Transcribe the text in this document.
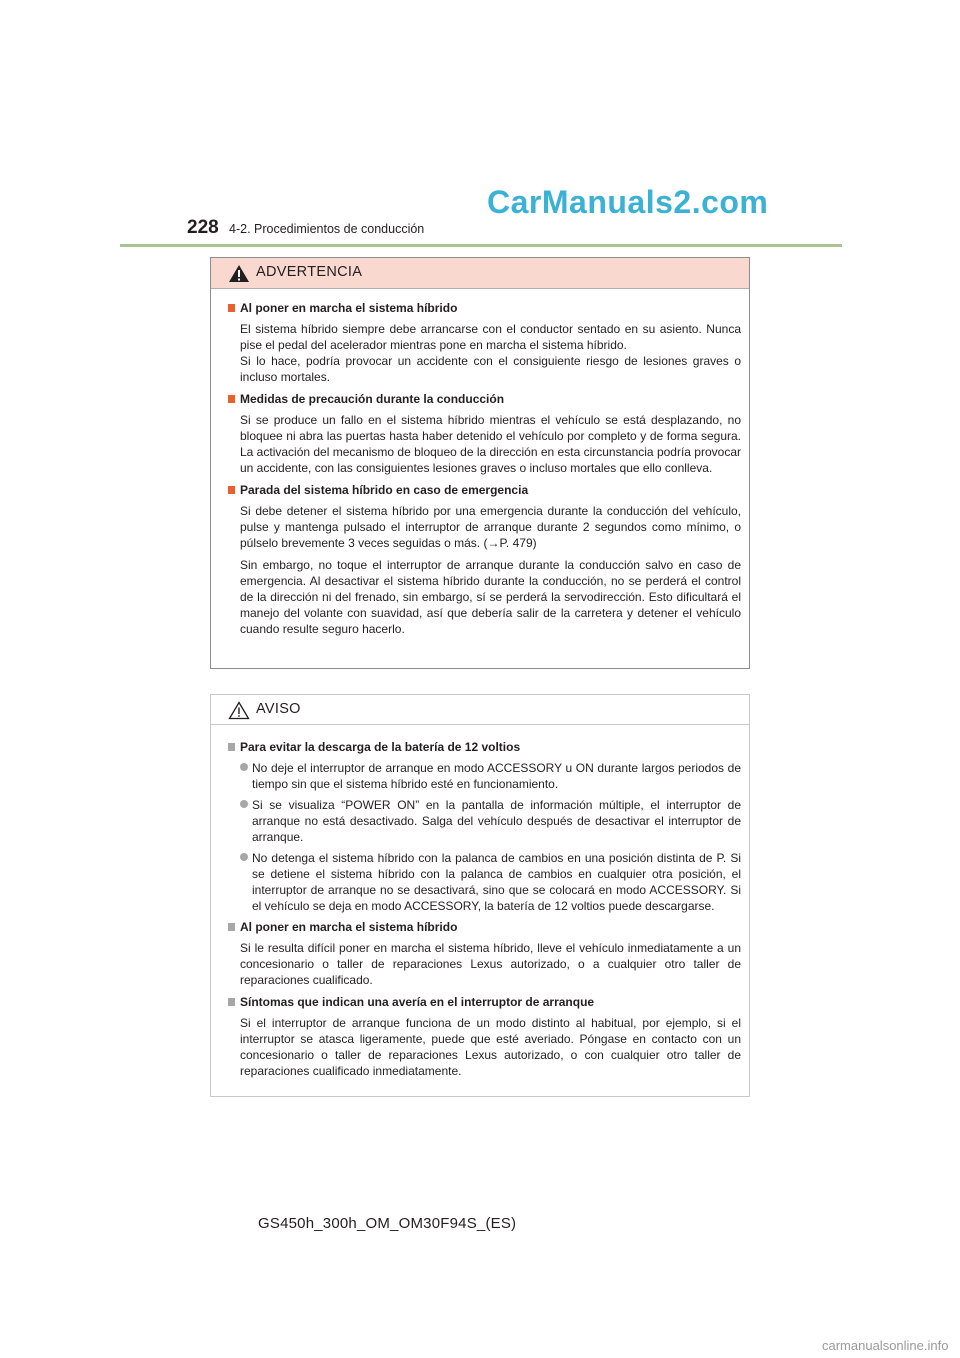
228 4-2. Procedimientos de conducción
CarManuals2.com
ADVERTENCIA
Al poner en marcha el sistema híbrido
El sistema híbrido siempre debe arrancarse con el conductor sentado en su asiento. Nunca pise el pedal del acelerador mientras pone en marcha el sistema híbrido.
Si lo hace, podría provocar un accidente con el consiguiente riesgo de lesiones graves o incluso mortales.
Medidas de precaución durante la conducción
Si se produce un fallo en el sistema híbrido mientras el vehículo se está desplazando, no bloquee ni abra las puertas hasta haber detenido el vehículo por completo y de forma segura. La activación del mecanismo de bloqueo de la dirección en esta circunstancia podría provocar un accidente, con las consiguientes lesiones graves o incluso mortales que ello conlleva.
Parada del sistema híbrido en caso de emergencia
Si debe detener el sistema híbrido por una emergencia durante la conducción del vehículo, pulse y mantenga pulsado el interruptor de arranque durante 2 segundos como mínimo, o púlselo brevemente 3 veces seguidas o más. (→P. 479)
Sin embargo, no toque el interruptor de arranque durante la conducción salvo en caso de emergencia. Al desactivar el sistema híbrido durante la conducción, no se perderá el control de la dirección ni del frenado, sin embargo, sí se perderá la servodirección. Esto dificultará el manejo del volante con suavidad, así que debería salir de la carretera y detener el vehículo cuando resulte seguro hacerlo.
AVISO
Para evitar la descarga de la batería de 12 voltios
No deje el interruptor de arranque en modo ACCESSORY u ON durante largos periodos de tiempo sin que el sistema híbrido esté en funcionamiento.
Si se visualiza “POWER ON” en la pantalla de información múltiple, el interruptor de arranque no está desactivado. Salga del vehículo después de desactivar el interruptor de arranque.
No detenga el sistema híbrido con la palanca de cambios en una posición distinta de P. Si se detiene el sistema híbrido con la palanca de cambios en cualquier otra posición, el interruptor de arranque no se desactivará, sino que se colocará en modo ACCESSORY. Si el vehículo se deja en modo ACCESSORY, la batería de 12 voltios puede descargarse.
Al poner en marcha el sistema híbrido
Si le resulta difícil poner en marcha el sistema híbrido, lleve el vehículo inmediatamente a un concesionario o taller de reparaciones Lexus autorizado, o a cualquier otro taller de reparaciones cualificado.
Síntomas que indican una avería en el interruptor de arranque
Si el interruptor de arranque funciona de un modo distinto al habitual, por ejemplo, si el interruptor se atasca ligeramente, puede que esté averiado. Póngase en contacto con un concesionario o taller de reparaciones Lexus autorizado, o con cualquier otro taller de reparaciones cualificado inmediatamente.
GS450h_300h_OM_OM30F94S_(ES)
carmanualsonline.info
